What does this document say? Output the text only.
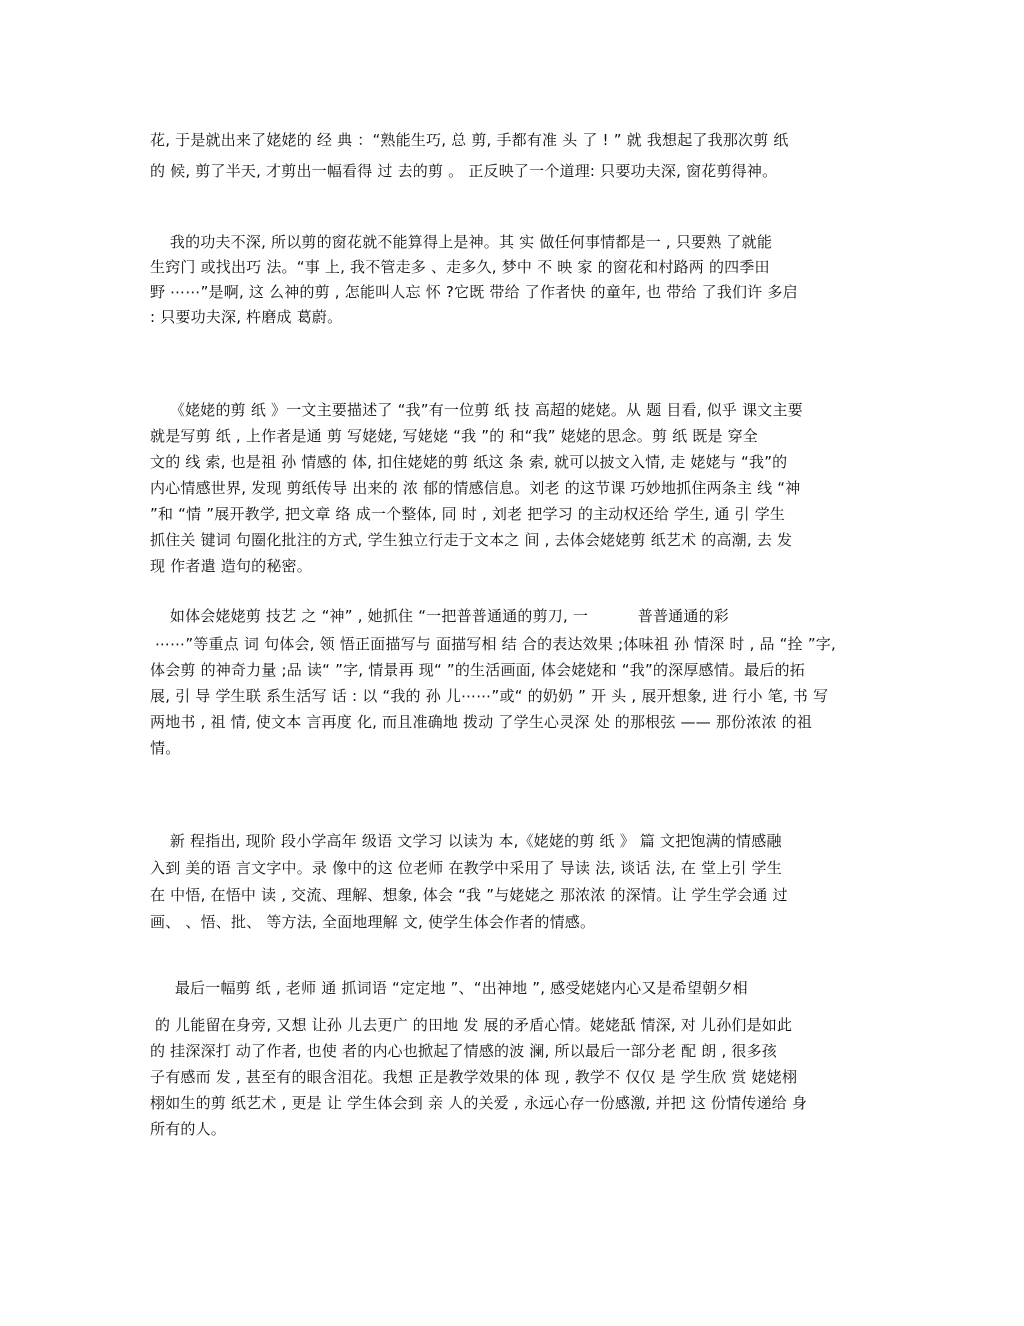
花, 于是就出来了姥姥的 经 典 ：“熟能生巧, 总 剪, 手都有准 头 了 ! ” 就 我想起了我那次剪 纸
的 候, 剪了半天, 才剪出一幅看得 过 去的剪 。 正反映了一个道理: 只要功夫深, 窗花剪得神。
我的功夫不深, 所以剪的窗花就不能算得上是神。其 实 做任何事情都是一 , 只要熟 了就能
生窍门 或找出巧 法。“事 上, 我不管走多 、走多久, 梦中 不 映 家 的窗花和村路两 的四季田
野 ⋯⋯”是啊, 这 么神的剪 , 怎能叫人忘 怀 ?它既 带给 了作者快 的童年, 也 带给 了我们许 多启
: 只要功夫深, 杵磨成 葛蔚。
《姥姥的剪 纸 》一文主要描述了 “我”有一位剪 纸 技 高超的姥姥。从 题 目看, 似乎 课文主要
就是写剪 纸 , 上作者是通 剪 写姥姥, 写姥姥 “我 ”的 和“我” 姥姥的思念。剪 纸 既是 穿全
文的 线 索, 也是祖 孙 情感的 体, 扣住姥姥的剪 纸这 条 索, 就可以披文入情, 走 姥姥与 “我”的
内心情感世界, 发现 剪纸传导 出来的 浓 郁的情感信息。刘老 的这节课 巧妙地抓住两条主 线 “神
”和 “情 ”展开教学, 把文章 络 成一个整体, 同 时 , 刘老 把学习 的主动权还给 学生, 通 引 学生
抓住关 键词 句圈化批注的方式, 学生独立行走于文本之 间 , 去体会姥姥剪 纸艺术 的高潮, 去 发
现 作者遣 造句的秘密。
如体会姥姥剪 技艺 之 “神” , 她抓住 “一把普普通通的剪刀, 一          普普通通的彩
⋯⋯”等重点 词 句体会, 领 悟正面描写与 面描写相 结 合的表达效果 ;体味祖 孙 情深 时 , 品 “拴 ”字,
体会剪 的神奇力量 ;品 读“ ”字, 情景再 现“ ”的生活画面, 体会姥姥和 “我”的深厚感情。最后的拓
展, 引 导 学生联 系生活写 话 : 以 “我的 孙 儿⋯⋯”或“ 的奶奶 ” 开 头 , 展开想象, 进 行小 笔, 书 写
两地书 , 祖 情, 使文本 言再度 化, 而且准确地 拨动 了学生心灵深 处 的那根弦 —— 那份浓浓 的祖
情。
新 程指出, 现阶 段小学高年 级语 文学习 以读为 本,《姥姥的剪 纸 》 篇 文把饱满的情感融
入到 美的语 言文字中。录 像中的这 位老师 在教学中采用了 导读 法, 谈话 法, 在 堂上引 学生
在 中悟, 在悟中 读 , 交流、理解、想象, 体会 “我 ”与姥姥之 那浓浓 的深情。让 学生学会通 过
画、 、悟、批、 等方法, 全面地理解 文, 使学生体会作者的情感。
最后一幅剪 纸 , 老师 通 抓词语 “定定地 ”、“出神地 ”, 感受姥姥内心又是希望朝夕相
的 儿能留在身旁, 又想 让孙 儿去更广 的田地 发 展的矛盾心情。姥姥舐 情深, 对 儿孙们是如此
的 挂深深打 动了作者, 也使 者的内心也掀起了情感的波 澜, 所以最后一部分老 配 朗 , 很多孩
子有感而 发 , 甚至有的眼含泪花。我想 正是教学效果的体 现 , 教学不 仅仅 是 学生欣 赏 姥姥栩
栩如生的剪 纸艺术 , 更是 让 学生体会到 亲 人的关爱 , 永远心存一份感激, 并把 这 份情传递给 身
所有的人。
